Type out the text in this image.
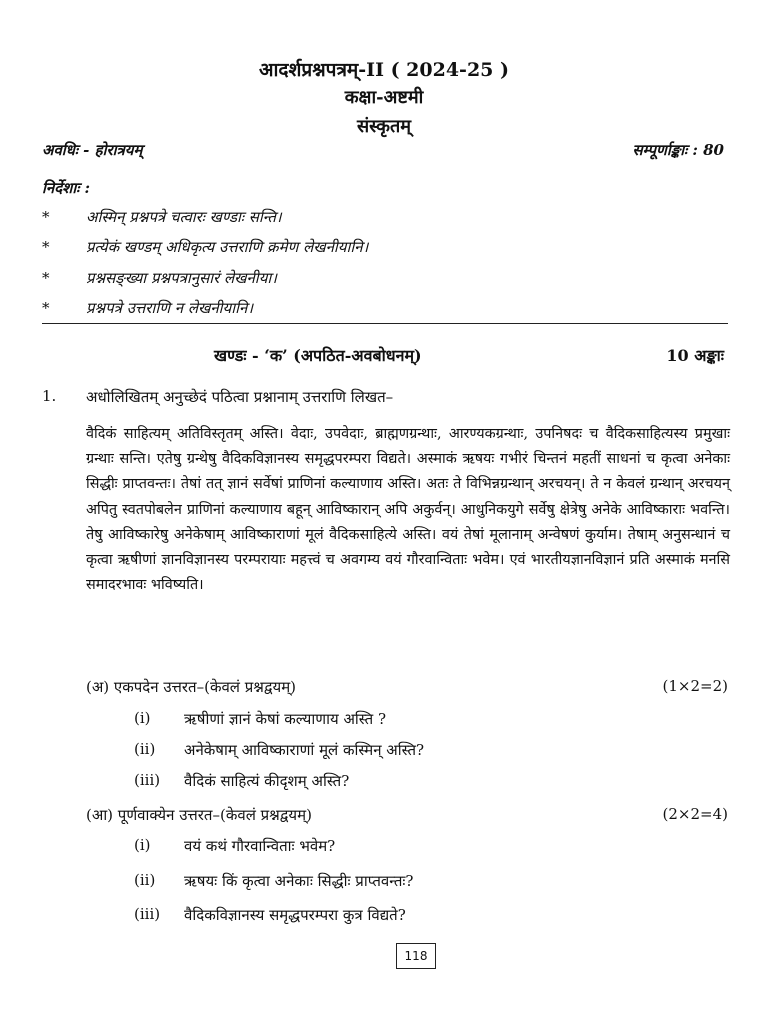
आदर्शप्रश्नपत्रम्-II ( 2024-25 )
कक्षा-अष्टमी
संस्कृतम्
अवधिः - होरात्रयम्	सम्पूर्णाङ्काः : 80
निर्देशाः :
* अस्मिन् प्रश्नपत्रे चत्वारः खण्डाः सन्ति।
* प्रत्येकं खण्डम् अधिकृत्य उत्तराणि क्रमेण लेखनीयानि।
* प्रश्नसङ्ख्या प्रश्नपत्रानुसारं लेखनीया।
* प्रश्नपत्रे उत्तराणि न लेखनीयानि।
खण्डः - ‘क’ (अपठित-अवबोधनम्)	10 अङ्काः
1. अधोलिखितम् अनुच्छेदं पठित्वा प्रश्नानाम् उत्तराणि लिखत–
वैदिकं साहित्यम् अतिविस्तृतम् अस्ति। वेदाः, उपवेदाः, ब्राह्मणग्रन्थाः, आरण्यकग्रन्थाः, उपनिषदः च वैदिकसाहित्यस्य प्रमुखाः ग्रन्थाः सन्ति। एतेषु ग्रन्थेषु वैदिकविज्ञानस्य समृद्धपरम्परा विद्यते। अस्माकं ऋषयः गभीरं चिन्तनं महतीं साधनां च कृत्वा अनेकाः सिद्धीः प्राप्तवन्तः। तेषां तत् ज्ञानं सर्वेषां प्राणिनां कल्याणाय अस्ति। अतः ते विभिन्नग्रन्थान् अरचयन्। ते न केवलं ग्रन्थान् अरचयन् अपितु स्वतपोबलेन प्राणिनां कल्याणाय बहून् आविष्कारान् अपि अकुर्वन्। आधुनिकयुगे सर्वेषु क्षेत्रेषु अनेके आविष्काराः भवन्ति। तेषु आविष्कारेषु अनेकेषाम् आविष्काराणां मूलं वैदिकसाहित्ये अस्ति। वयं तेषां मूलानाम् अन्वेषणं कुर्याम। तेषाम् अनुसन्धानं च कृत्वा ऋषीणां ज्ञानविज्ञानस्य परम्परायाः महत्त्वं च अवगम्य वयं गौरवान्विताः भवेम। एवं भारतीयज्ञानविज्ञानं प्रति अस्माकं मनसि समादरभावः भविष्यति।
(अ) एकपदेन उत्तरत–(केवलं प्रश्नद्वयम्)	(1×2=2)
(i) ऋषीणां ज्ञानं केषां कल्याणाय अस्ति ?
(ii) अनेकेषाम् आविष्काराणां मूलं कस्मिन् अस्ति?
(iii) वैदिकं साहित्यं कीदृशम् अस्ति?
(आ) पूर्णवाक्येन उत्तरत–(केवलं प्रश्नद्वयम्)	(2×2=4)
(i) वयं कथं गौरवान्विताः भवेम?
(ii) ऋषयः किं कृत्वा अनेकाः सिद्धीः प्राप्तवन्तः?
(iii) वैदिकविज्ञानस्य समृद्धपरम्परा कुत्र विद्यते?
118
